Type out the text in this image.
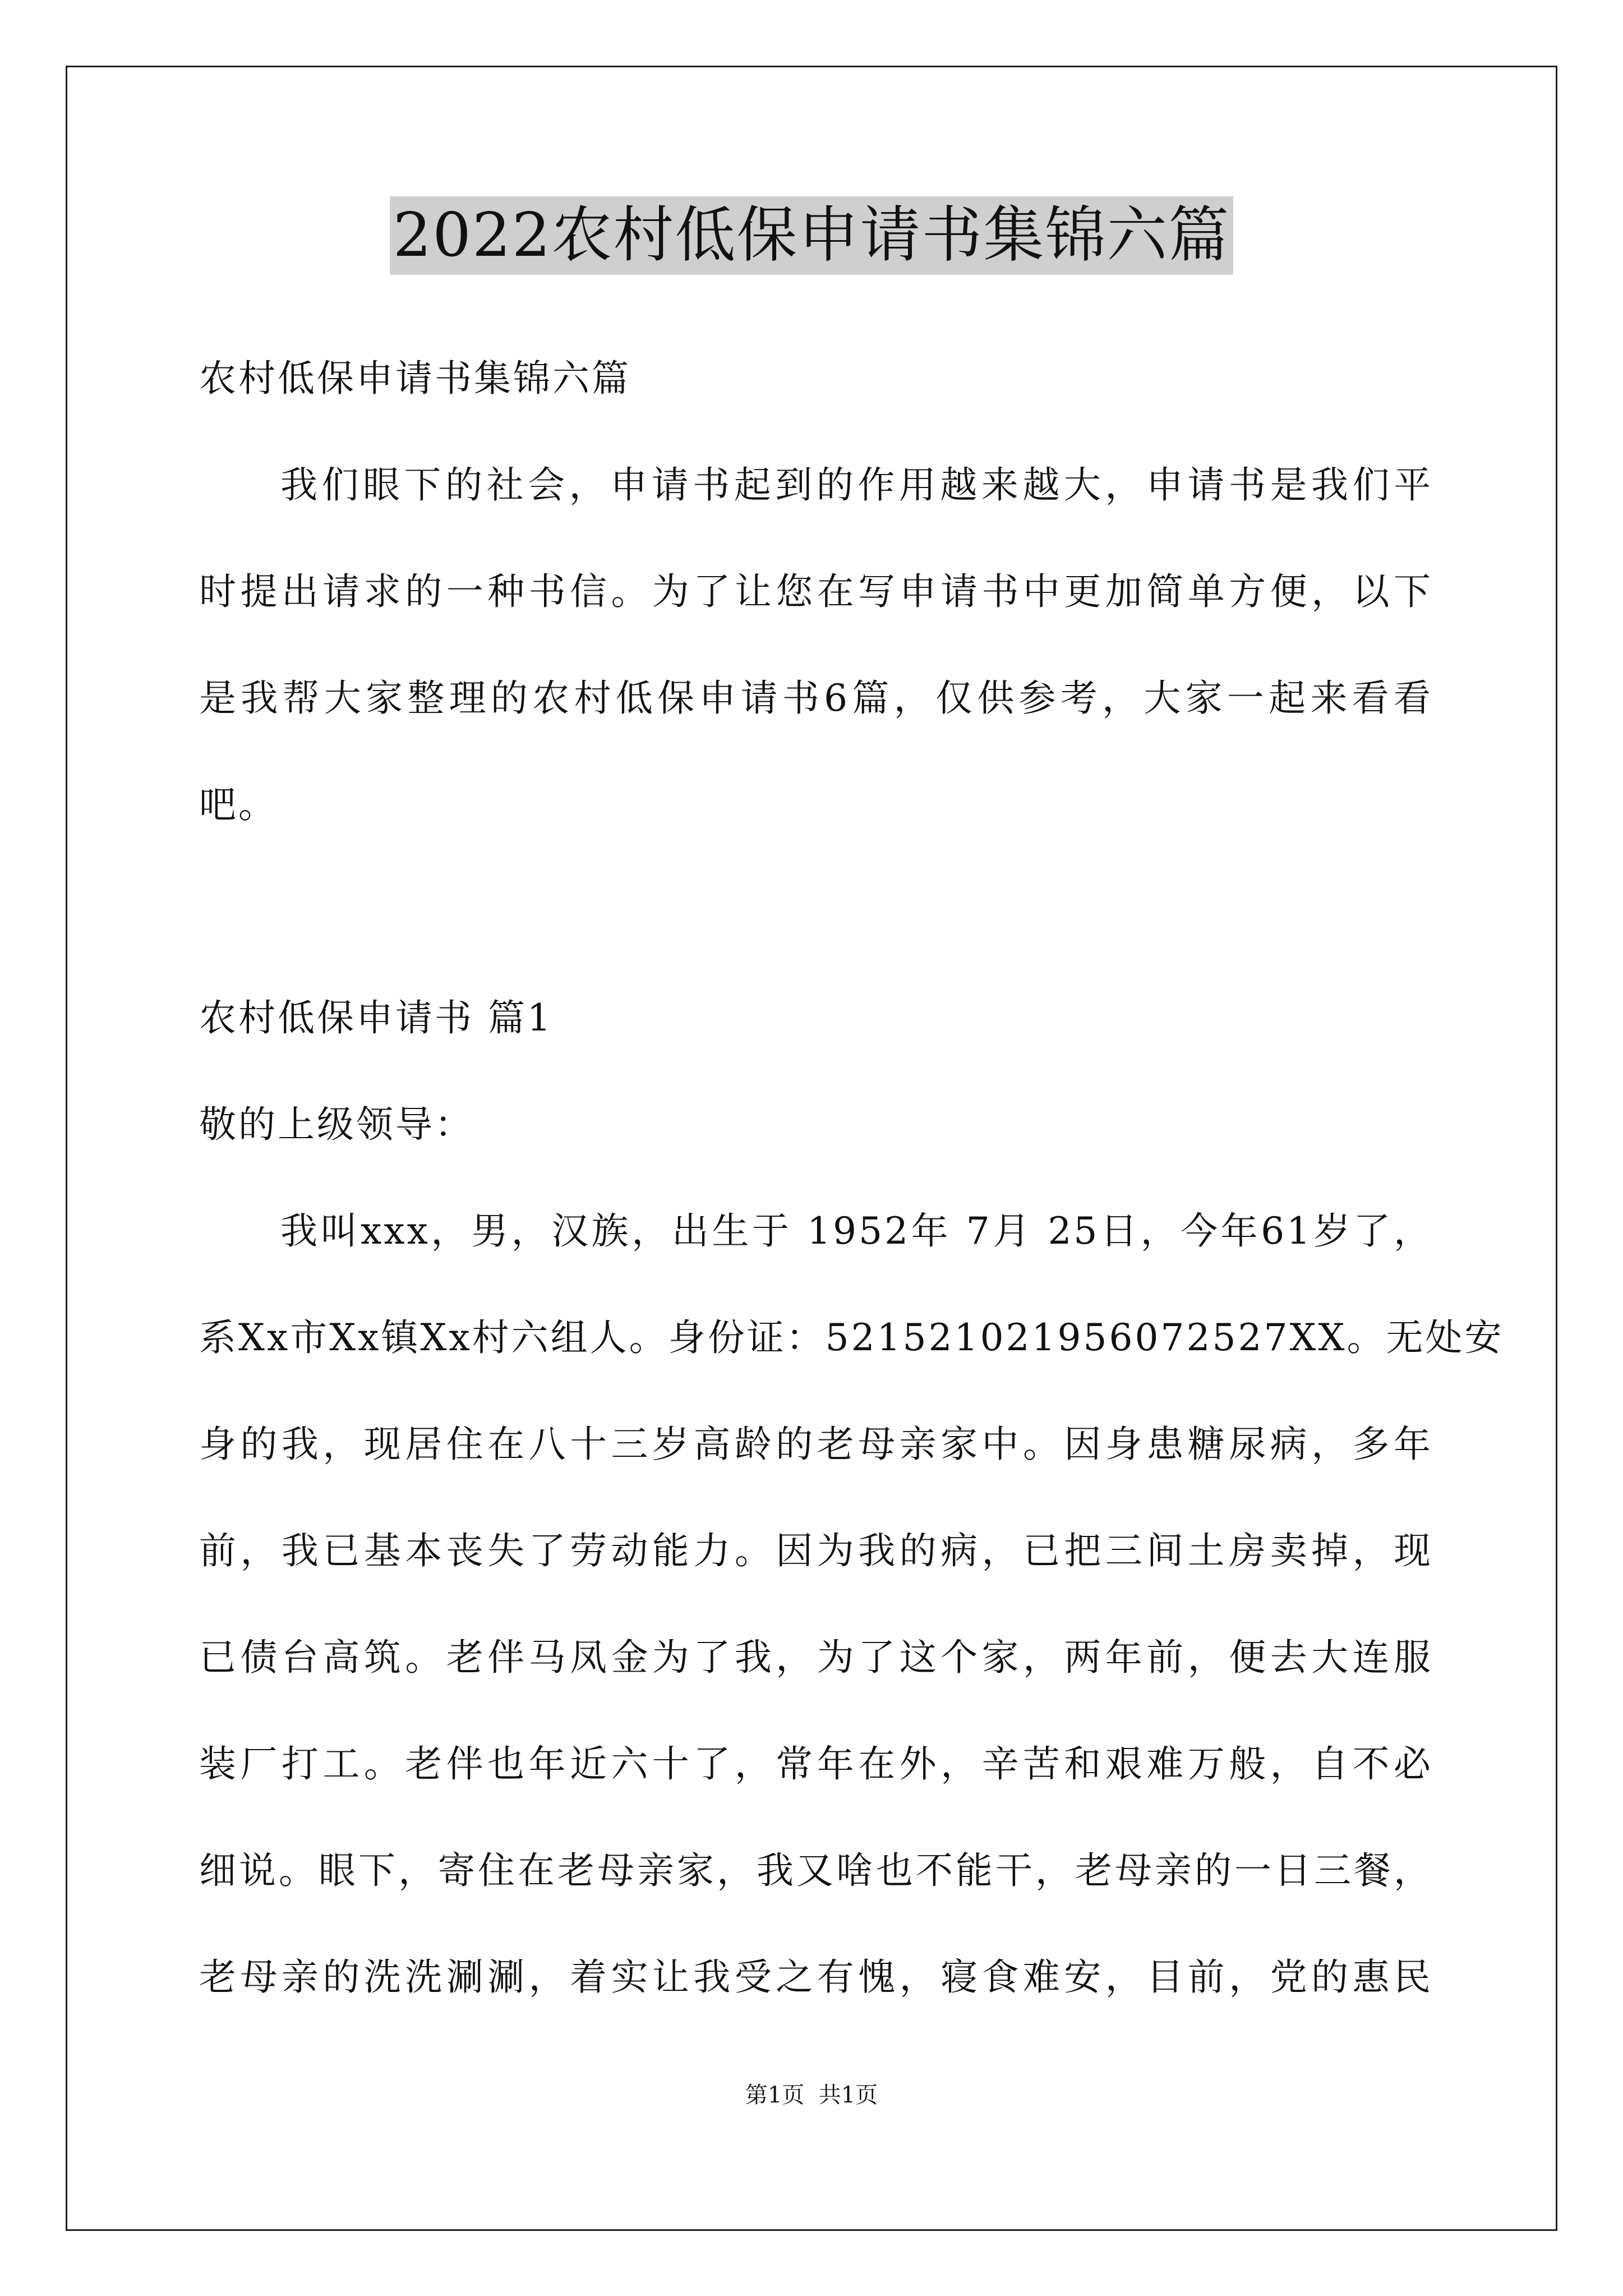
2022农村低保申请书集锦六篇
农村低保申请书集锦六篇
我们眼下的社会，申请书起到的作用越来越大，申请书是我们平
时提出请求的一种书信。为了让您在写申请书中更加简单方便，以下
是我帮大家整理的农村低保申请书6篇，仅供参考，大家一起来看看
吧。
农村低保申请书 篇1
敬的上级领导：
我叫xxx，男，汉族，出生于 1952年 7月 25日，今年61岁了，
系Xx市Xx镇Xx村六组人。身份证：521521021956072527XX。无处安
身的我，现居住在八十三岁高龄的老母亲家中。因身患糖尿病，多年
前，我已基本丧失了劳动能力。因为我的病，已把三间土房卖掉，现
已债台高筑。老伴马凤金为了我，为了这个家，两年前，便去大连服
装厂打工。老伴也年近六十了，常年在外，辛苦和艰难万般，自不必
细说。眼下，寄住在老母亲家，我又啥也不能干，老母亲的一日三餐，
老母亲的洗洗涮涮，着实让我受之有愧，寝食难安，目前，党的惠民
第1页  共1页
